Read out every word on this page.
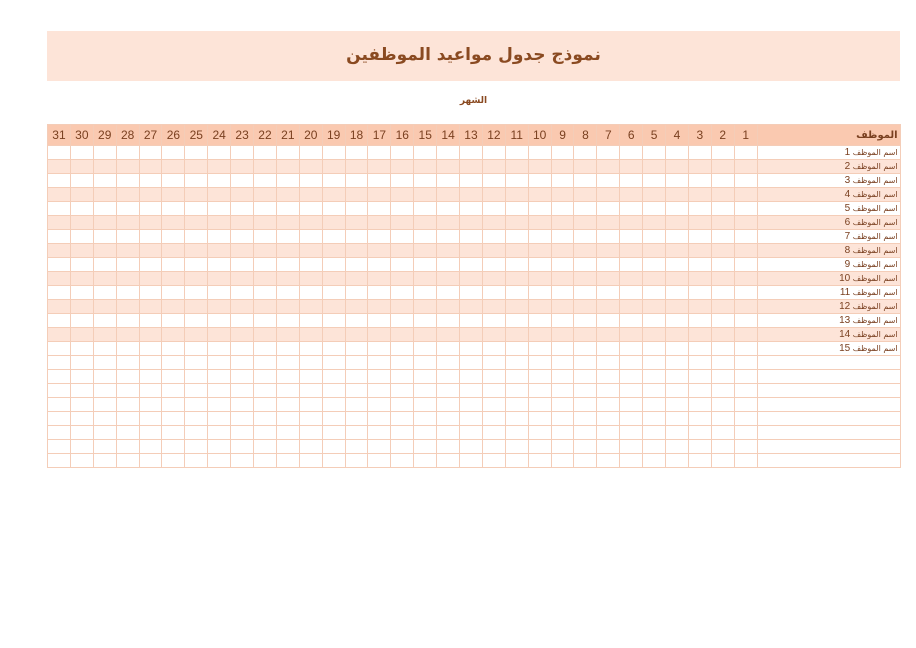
نموذج جدول مواعيد الموظفين
الشهر
31	30	29	28	27	26	25	24	23	22	21	20	19	18	17	16	15	14	13	12	11	10	9	8	7	6	5	4	3	2	1	الموظف
																															اسم الموظف 1
																															اسم الموظف 2
																															اسم الموظف 3
																															اسم الموظف 4
																															اسم الموظف 5
																															اسم الموظف 6
																															اسم الموظف 7
																															اسم الموظف 8
																															اسم الموظف 9
																															اسم الموظف 10
																															اسم الموظف 11
																															اسم الموظف 12
																															اسم الموظف 13
																															اسم الموظف 14
																															اسم الموظف 15
